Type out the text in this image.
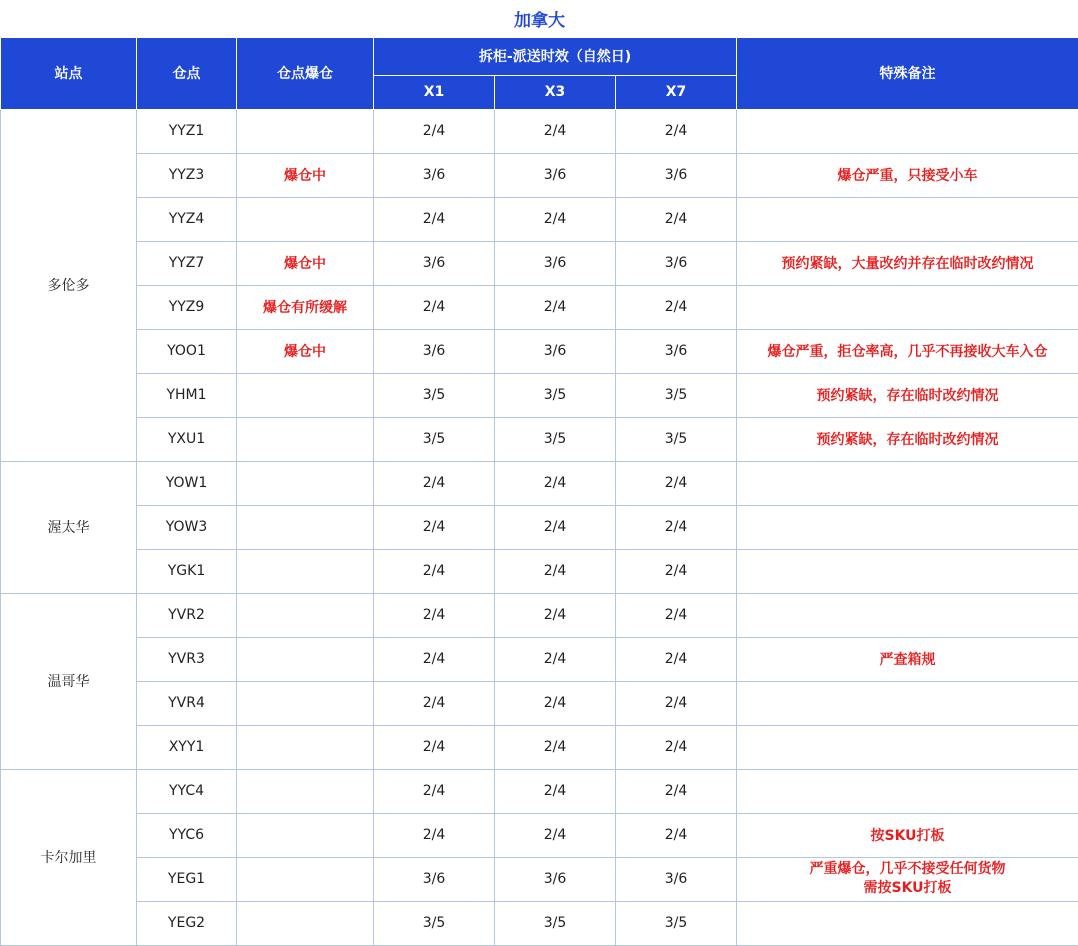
加拿大						
站点	仓点	仓点爆仓	拆柜-派送时效（自然日)			特殊备注
			X1	X3	X7	
多伦多	YYZ1		2/4	2/4	2/4	
	YYZ3	爆仓中	3/6	3/6	3/6	爆仓严重，只接受小车
	YYZ4		2/4	2/4	2/4	
	YYZ7	爆仓中	3/6	3/6	3/6	预约紧缺，大量改约并存在临时改约情况
	YYZ9	爆仓有所缓解	2/4	2/4	2/4	
	YOO1	爆仓中	3/6	3/6	3/6	爆仓严重，拒仓率高，几乎不再接收大车入仓
	YHM1		3/5	3/5	3/5	预约紧缺，存在临时改约情况
	YXU1		3/5	3/5	3/5	预约紧缺，存在临时改约情况
渥太华	YOW1		2/4	2/4	2/4	
	YOW3		2/4	2/4	2/4	
	YGK1		2/4	2/4	2/4	
温哥华	YVR2		2/4	2/4	2/4	
	YVR3		2/4	2/4	2/4	严查箱规
	YVR4		2/4	2/4	2/4	
	XYY1		2/4	2/4	2/4	
卡尔加里	YYC4		2/4	2/4	2/4	
	YYC6		2/4	2/4	2/4	按SKU打板
	YEG1		3/6	3/6	3/6	严重爆仓，几乎不接受任何货物
需按SKU打板

	YEG2		3/5	3/5	3/5	
